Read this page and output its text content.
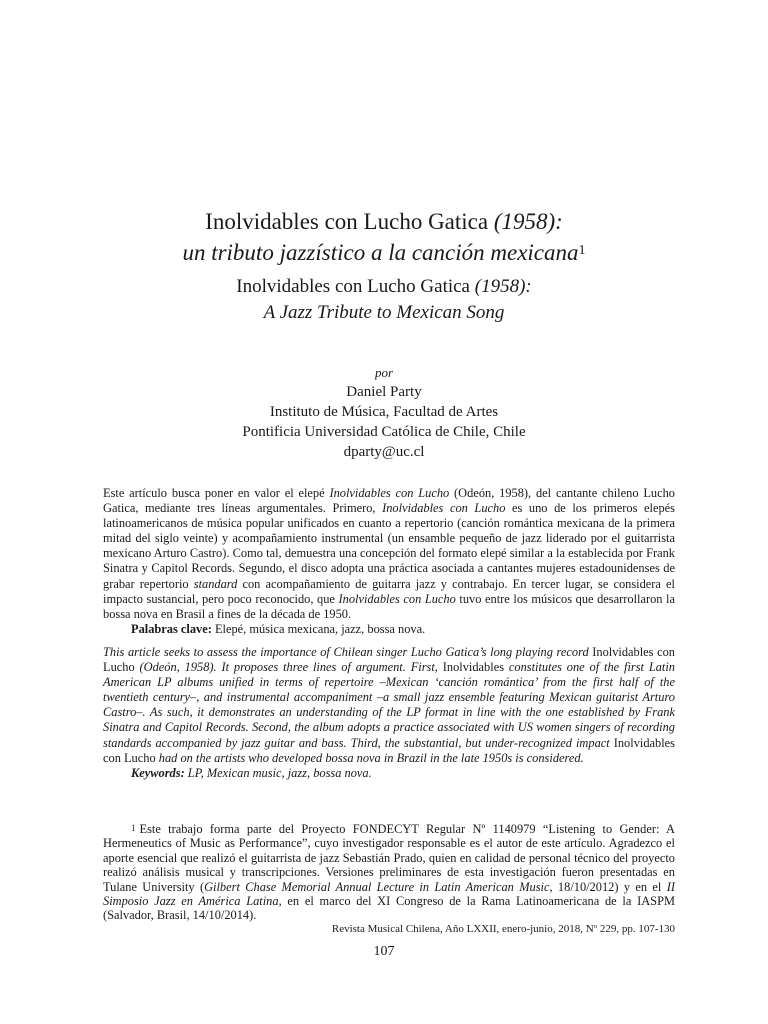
Inolvidables con Lucho Gatica (1958):
un tributo jazzístico a la canción mexicana$^1$
Inolvidables con Lucho Gatica (1958):
A Jazz Tribute to Mexican Song
por
Daniel Party
Instituto de Música, Facultad de Artes
Pontificia Universidad Católica de Chile, Chile
dparty@uc.cl

Este artículo busca poner en valor el elepé Inolvidables con Lucho (Odeón, 1958), del cantante chileno Lucho Gatica, mediante tres líneas argumentales. Primero, Inolvidables con Lucho es uno de los primeros elepés latinoamericanos de música popular unificados en cuanto a repertorio (canción romántica mexicana de la primera mitad del siglo veinte) y acompañamiento instrumental (un ensamble pequeño de jazz liderado por el guitarrista mexicano Arturo Castro). Como tal, demuestra una concepción del formato elepé similar a la establecida por Frank Sinatra y Capitol Records. Segundo, el disco adopta una práctica asociada a cantantes mujeres estadounidenses de grabar repertorio standard con acompañamiento de guitarra jazz y contrabajo. En tercer lugar, se considera el impacto sustancial, pero poco reconocido, que Inolvidables con Lucho tuvo entre los músicos que desarrollaron la bossa nova en Brasil a fines de la década de 1950.

Palabras clave: Elepé, música mexicana, jazz, bossa nova.

This article seeks to assess the importance of Chilean singer Lucho Gatica’s long playing record Inolvidables con Lucho (Odeón, 1958). It proposes three lines of argument. First, Inolvidables constitutes one of the first Latin American LP albums unified in terms of repertoire –Mexican ‘canción romántica’ from the first half of the twentieth century–, and instrumental accompaniment –a small jazz ensemble featuring Mexican guitarist Arturo Castro–. As such, it demonstrates an understanding of the LP format in line with the one established by Frank Sinatra and Capitol Records. Second, the album adopts a practice associated with US women singers of recording standards accompanied by jazz guitar and bass. Third, the substantial, but under-recognized impact Inolvidables con Lucho had on the artists who developed bossa nova in Brazil in the late 1950s is considered.

Keywords: LP, Mexican music, jazz, bossa nova.

$^1$ Este trabajo forma parte del Proyecto FONDECYT Regular Nº 1140979 “Listening to Gender: A Hermeneutics of Music as Performance”, cuyo investigador responsable es el autor de este artículo. Agradezco el aporte esencial que realizó el guitarrista de jazz Sebastián Prado, quien en calidad de personal técnico del proyecto realizó análisis musical y transcripciones. Versiones preliminares de esta investigación fueron presentadas en Tulane University (Gilbert Chase Memorial Annual Lecture in Latin American Music, 18/10/2012) y en el II Simposio Jazz en América Latina, en el marco del XI Congreso de la Rama Latinoamericana de la IASPM (Salvador, Brasil, 14/10/2014).

Revista Musical Chilena, Año LXXII, enero-junio, 2018, Nº 229, pp. 107-130
107
